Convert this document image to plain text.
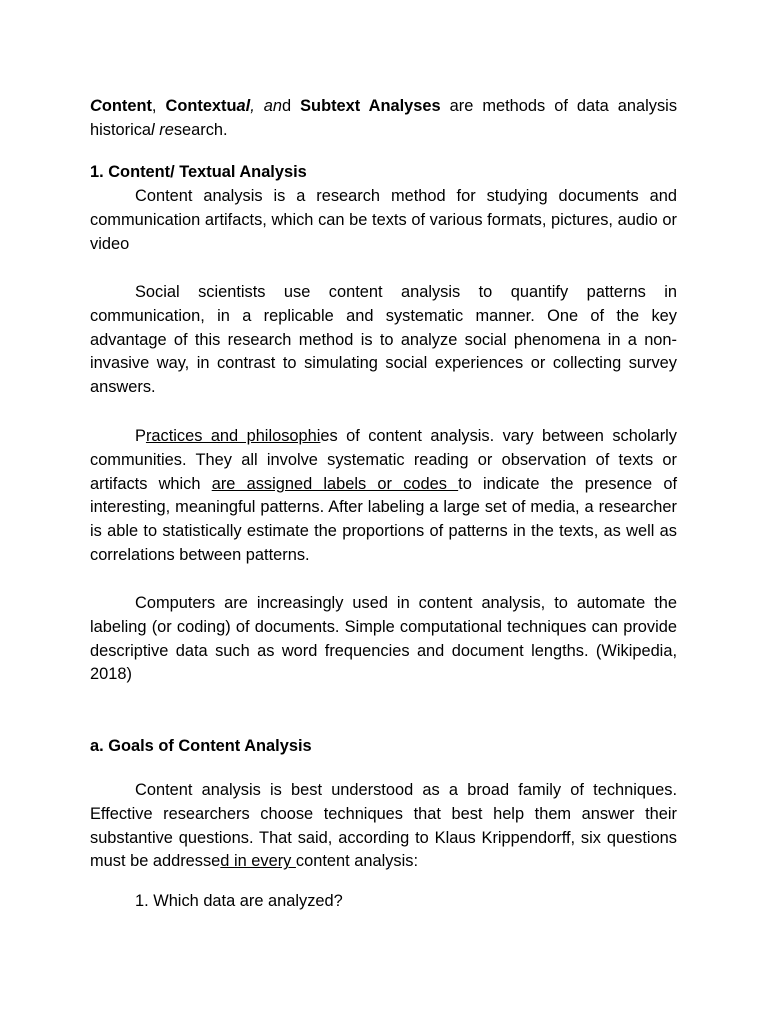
Content, Contextual, and Subtext Analyses are methods of data analysis historical research.

1. Content/ Textual Analysis

Content analysis is a research method for studying documents and communication artifacts, which can be texts of various formats, pictures, audio or video

Social scientists use content analysis to quantify patterns in communication, in a replicable and systematic manner. One of the key advantage of this research method is to analyze social phenomena in a non-invasive way, in contrast to simulating social experiences or collecting survey answers.

Practices and philosophies of content analysis. vary between scholarly communities. They all involve systematic reading or observation of texts or artifacts which are assigned labels or codes to indicate the presence of interesting, meaningful patterns. After labeling a large set of media, a researcher is able to statistically estimate the proportions of patterns in the texts, as well as correlations between patterns.

Computers are increasingly used in content analysis, to automate the labeling (or coding) of documents. Simple computational techniques can provide descriptive data such as word frequencies and document lengths. (Wikipedia, 2018)

a. Goals of Content Analysis

Content analysis is best understood as a broad family of techniques. Effective researchers choose techniques that best help them answer their substantive questions. That said, according to Klaus Krippendorff, six questions must be addressed in every content analysis:

1. Which data are analyzed?
